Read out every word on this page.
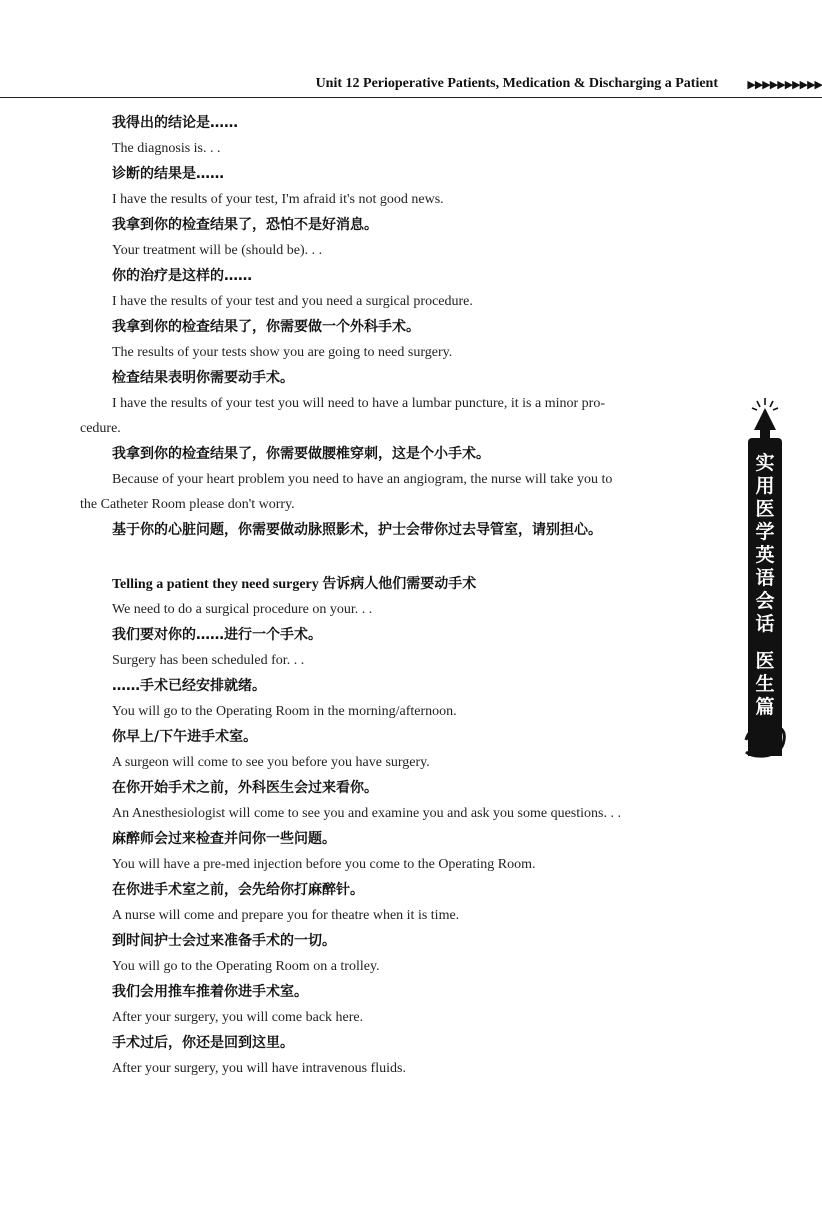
Unit 12 Perioperative Patients, Medication & Discharging a Patient	▶▶▶▶▶▶▶▶▶▶

我得出的结论是……

The diagnosis is. . .

诊断的结果是……

I have the results of your test, I'm afraid it's not good news.

我拿到你的检查结果了，恐怕不是好消息。

Your treatment will be (should be). . .

你的治疗是这样的……

I have the results of your test and you need a surgical procedure.

我拿到你的检查结果了，你需要做一个外科手术。

The results of your tests show you are going to need surgery.

检查结果表明你需要动手术。

I have the results of your test you will need to have a lumbar puncture, it is a minor pro-

cedure.

我拿到你的检查结果了，你需要做腰椎穿刺，这是个小手术。

Because of your heart problem you need to have an angiogram, the nurse will take you to

the Catheter Room please don't worry.

基于你的心脏问题，你需要做动脉照影术，护士会带你过去导管室，请别担心。

Telling a patient they need surgery 告诉病人他们需要动手术

We need to do a surgical procedure on your. . .

我们要对你的……进行一个手术。

Surgery has been scheduled for. . .

……手术已经安排就绪。

You will go to the Operating Room in the morning/afternoon.

你早上/下午进手术室。

A surgeon will come to see you before you have surgery.

在你开始手术之前，外科医生会过来看你。

An Anesthesiologist will come to see you and examine you and ask you some questions. . .

麻醉师会过来检查并问你一些问题。

You will have a pre-med injection before you come to the Operating Room.

在你进手术室之前，会先给你打麻醉针。

A nurse will come and prepare you for theatre when it is time.

到时间护士会过来准备手术的一切。

You will go to the Operating Room on a trolley.

我们会用推车推着你进手术室。

After your surgery, you will come back here.

手术过后，你还是回到这里。

After your surgery, you will have intravenous fluids.

实
用
医
学
英
语
会
话
医
生
篇
163
